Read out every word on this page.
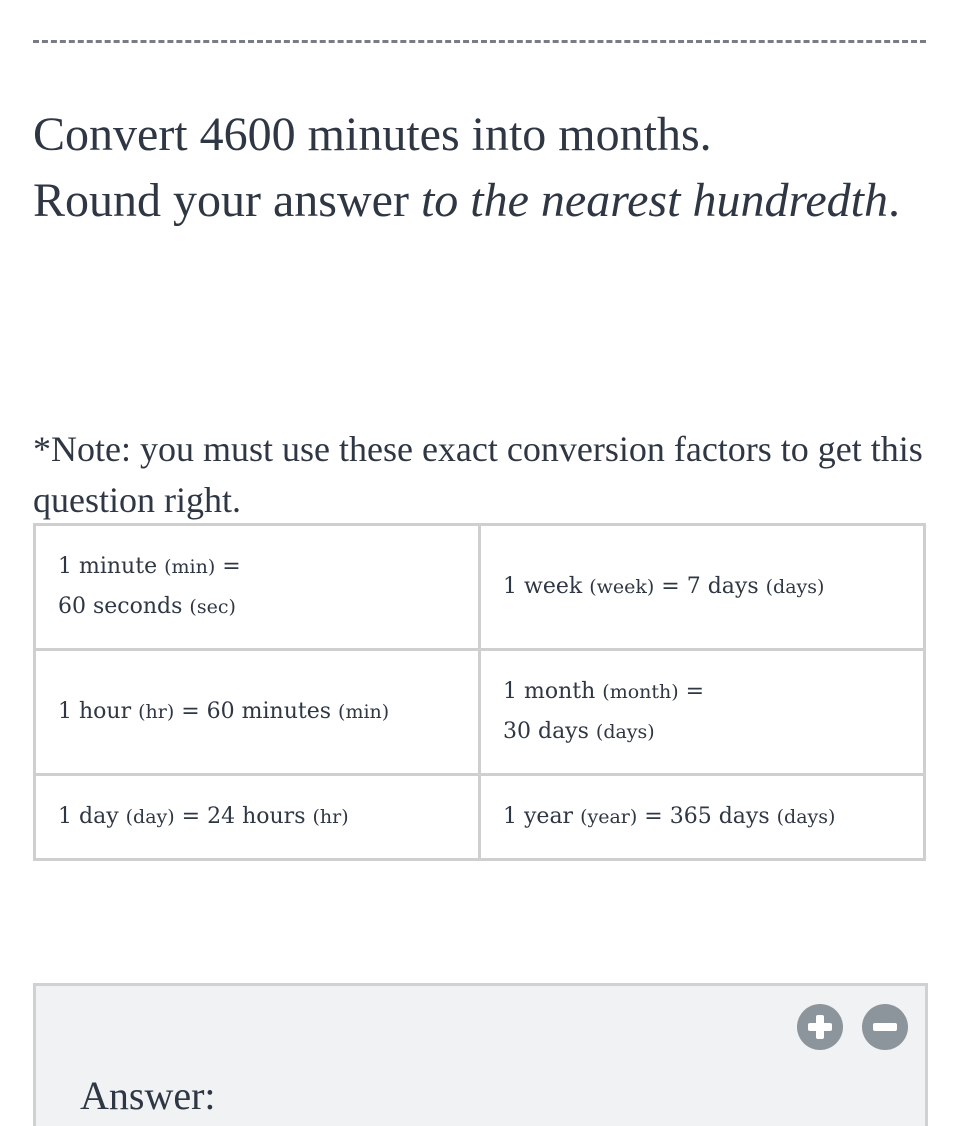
Convert 4600 minutes into months.
Round your answer to the nearest hundredth.

*Note: you must use these exact conversion factors to get this question right.

1 minute (min) =
60 seconds (sec)	1 week (week) = 7 days (days)
1 hour (hr) = 60 minutes (min)	1 month (month) =
30 days (days)
1 day (day) = 24 hours (hr)	1 year (year) = 365 days (days)
Answer:
